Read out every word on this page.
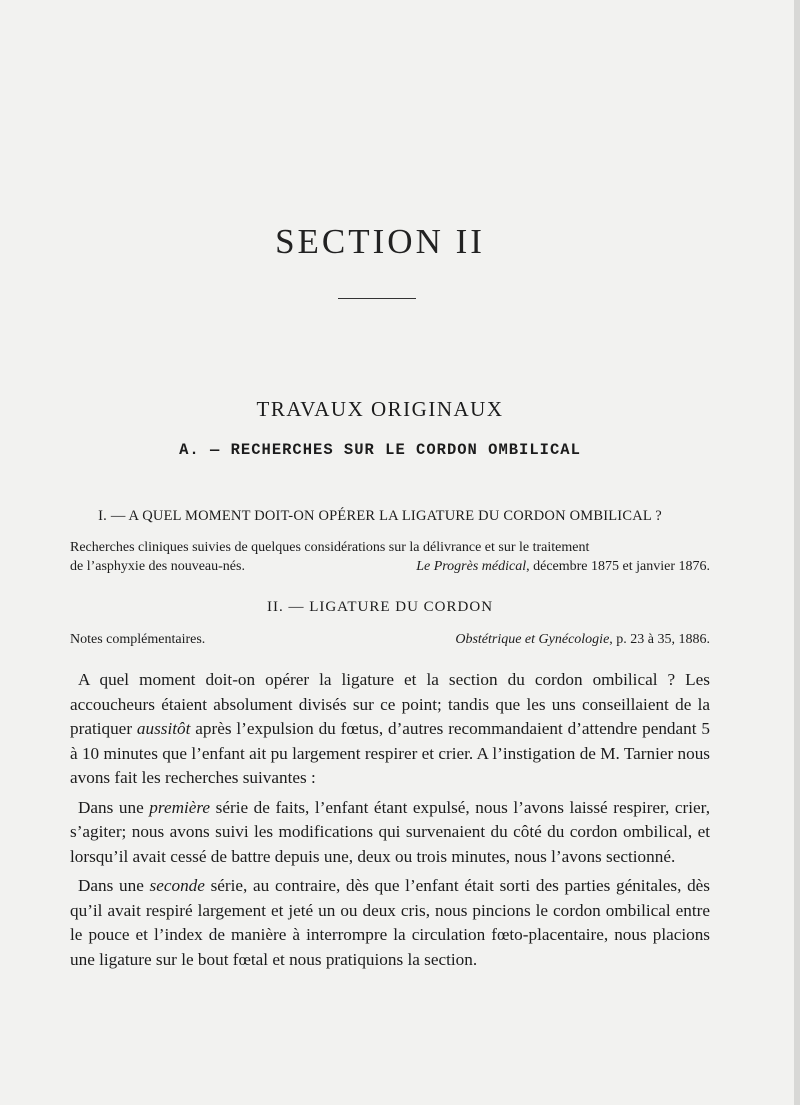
SECTION II
TRAVAUX ORIGINAUX
A. — RECHERCHES SUR LE CORDON OMBILICAL
I. — A QUEL MOMENT DOIT-ON OPÉRER LA LIGATURE DU CORDON OMBILICAL ?
Recherches cliniques suivies de quelques considérations sur la délivrance et sur le traitement
de l’asphyxie des nouveau-nés.	Le Progrès médical, décembre 1875 et janvier 1876.
II. — LIGATURE DU CORDON
Notes complémentaires.	Obstétrique et Gynécologie, p. 23 à 35, 1886.

A quel moment doit-on opérer la ligature et la section du cordon ombilical ? Les accoucheurs étaient absolument divisés sur ce point; tandis que les uns conseillaient de la pratiquer aussitôt après l’expulsion du fœtus, d’autres recommandaient d’attendre pendant 5 à 10 minutes que l’enfant ait pu largement respirer et crier. A l’instigation de M. Tarnier nous avons fait les recherches suivantes :

Dans une première série de faits, l’enfant étant expulsé, nous l’avons laissé respirer, crier, s’agiter; nous avons suivi les modifications qui survenaient du côté du cordon ombilical, et lorsqu’il avait cessé de battre depuis une, deux ou trois minutes, nous l’avons sectionné.

Dans une seconde série, au contraire, dès que l’enfant était sorti des parties génitales, dès qu’il avait respiré largement et jeté un ou deux cris, nous pincions le cordon ombilical entre le pouce et l’index de manière à interrompre la circulation fœto-placentaire, nous placions une ligature sur le bout fœtal et nous pratiquions la section.
